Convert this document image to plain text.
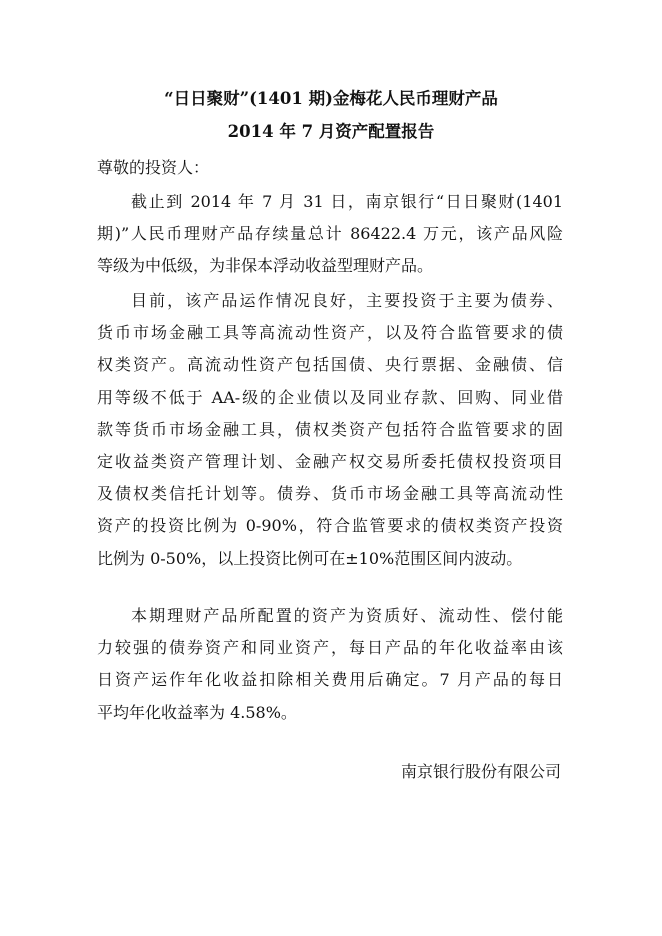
“日日聚财”(1401 期)金梅花人民币理财产品
2014 年 7 月资产配置报告
尊敬的投资人：
截止到 2014 年 7 月 31 日，南京银行“日日聚财(1401
期)”人民币理财产品存续量总计 86422.4 万元，该产品风险
等级为中低级，为非保本浮动收益型理财产品。
目前，该产品运作情况良好，主要投资于主要为债券、
货币市场金融工具等高流动性资产，以及符合监管要求的债
权类资产。高流动性资产包括国债、央行票据、金融债、信
用等级不低于 AA-级的企业债以及同业存款、回购、同业借
款等货币市场金融工具，债权类资产包括符合监管要求的固
定收益类资产管理计划、金融产权交易所委托债权投资项目
及债权类信托计划等。债券、货币市场金融工具等高流动性
资产的投资比例为 0-90%，符合监管要求的债权类资产投资
比例为 0-50%，以上投资比例可在±10%范围区间内波动。
本期理财产品所配置的资产为资质好、流动性、偿付能
力较强的债券资产和同业资产，每日产品的年化收益率由该
日资产运作年化收益扣除相关费用后确定。7 月产品的每日
平均年化收益率为 4.58%。
南京银行股份有限公司
